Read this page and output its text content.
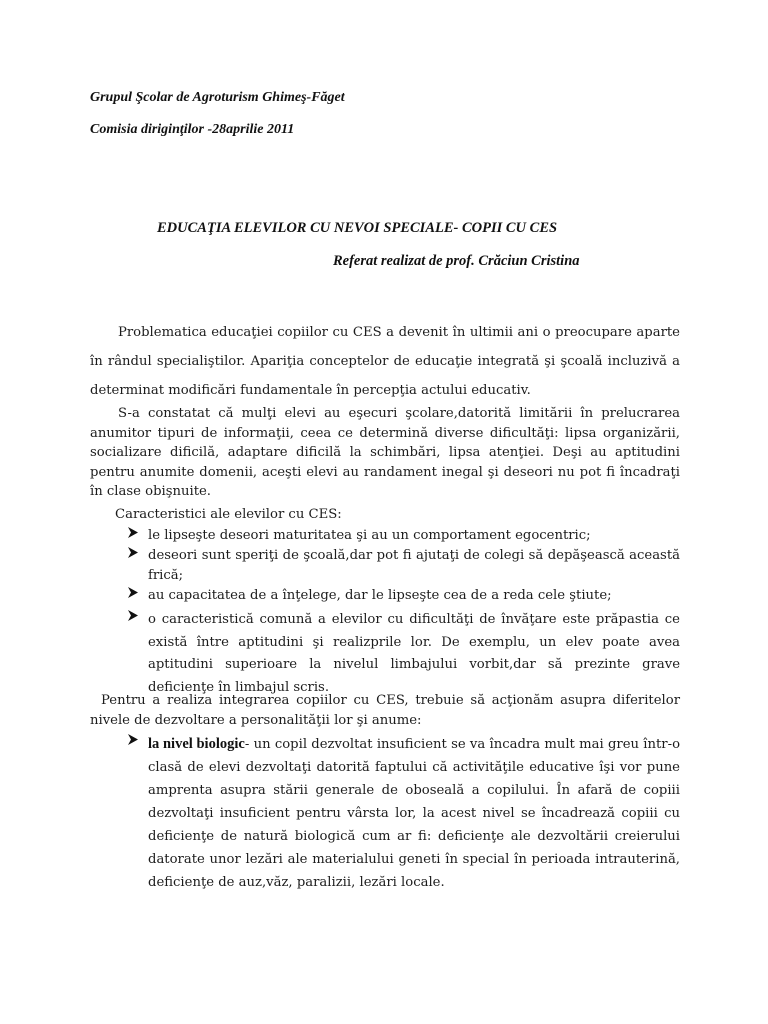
Grupul Şcolar de Agroturism Ghimeş-Făget
Comisia diriginţilor -28aprilie 2011
EDUCAŢIA ELEVILOR CU NEVOI SPECIALE- COPII CU CES
Referat realizat de prof. Crăciun Cristina

Problematica educaţiei copiilor cu CES a devenit în ultimii ani o preocupare aparte în rândul specialiştilor. Apariţia conceptelor de educaţie integrată şi şcoală incluzivă a determinat modificări fundamentale în percepţia actului educativ.

S-a constatat că mulţi elevi au eşecuri şcolare,datorită limitării în prelucrarea anumitor tipuri de informaţii, ceea ce determină diverse dificultăţi: lipsa organizării, socializare dificilă, adaptare dificilă la schimbări, lipsa atenţiei. Deşi au aptitudini pentru anumite domenii, aceşti elevi au randament inegal şi deseori nu pot fi încadraţi în clase obişnuite.

Caracteristici ale elevilor cu CES:

le lipseşte deseori maturitatea şi au un comportament egocentric;
deseori sunt speriţi de şcoală,dar pot fi ajutaţi de colegi să depăşească această frică;
au capacitatea de a înţelege, dar le lipseşte cea de a reda cele ştiute;
o caracteristică comună a elevilor cu dificultăţi de învăţare este prăpastia ce există între aptitudini şi realizprile lor. De exemplu, un elev poate avea aptitudini superioare la nivelul limbajului vorbit,dar să prezinte grave deficienţe în limbajul scris.

Pentru a realiza integrarea copiilor cu CES, trebuie să acţionăm asupra diferitelor nivele de dezvoltare a personalităţii lor şi anume:

la nivel biologic- un copil dezvoltat insuficient se va încadra mult mai greu într-o clasă de elevi dezvoltaţi datorită faptului că activităţile educative îşi vor pune amprenta asupra stării generale de oboseală a copilului. În afară de copiii dezvoltaţi insuficient pentru vârsta lor, la acest nivel se încadrează copiii cu deficienţe de natură biologică cum ar fi: deficienţe ale dezvoltării creierului datorate unor lezări ale materialului geneti în special în perioada intrauterină, deficienţe de auz,văz, paralizii, lezări locale.
